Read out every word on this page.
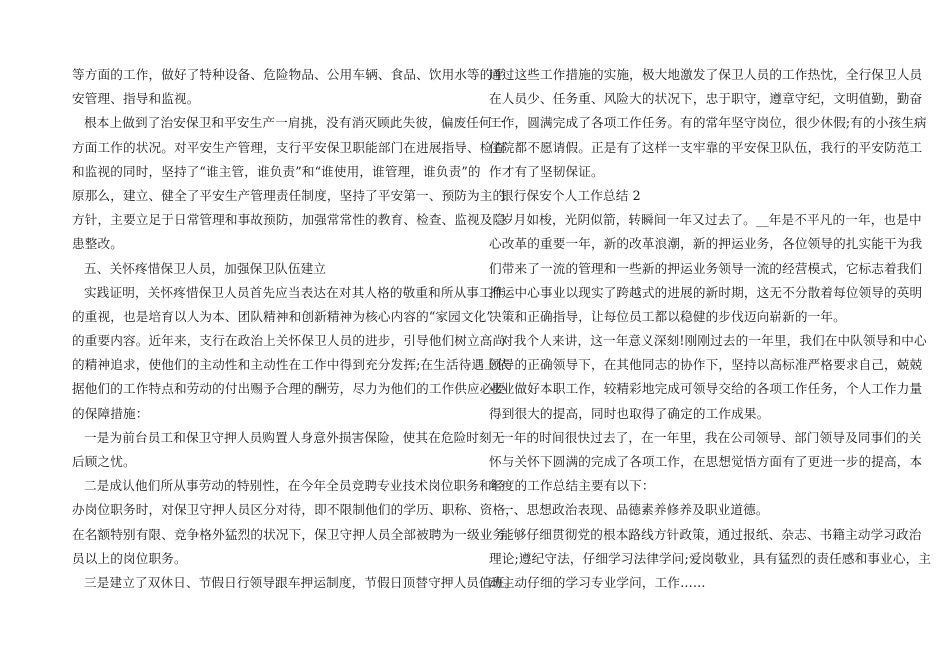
等方面的工作，做好了特种设备、危险物品、公用车辆、食品、饮用水等的平
安管理、指导和监视。
根本上做到了治安保卫和平安生产一肩挑，没有消灭顾此失彼，偏废任何一
方面工作的状况。对平安生产管理，支行平安保卫职能部门在进展指导、检查
和监视的同时，坚持了“谁主管，谁负责”和“谁使用，谁管理，谁负责”的
原那么，建立、健全了平安生产管理责任制度，坚持了平安第一、预防为主的
方针，主要立足于日常管理和事故预防，加强常常性的教育、检查、监视及隐
患整改。
五、关怀疼惜保卫人员，加强保卫队伍建立
实践证明，关怀疼惜保卫人员首先应当表达在对其人格的敬重和所从事工作
的重视，也是培育以人为本、团队精神和创新精神为核心内容的“家园文化”
的重要内容。近年来，支行在政治上关怀保卫人员的进步，引导他们树立高尚
的精神追求，使他们的主动性和主动性在工作中得到充分发挥;在生活待遇上依
据他们的工作特点和劳动的付出赐予合理的酬劳，尽力为他们的工作供应必要
的保障措施：
一是为前台员工和保卫守押人员购置人身意外损害保险，使其在危险时刻无
后顾之忧。
二是成认他们所从事劳动的特别性，在今年全员竞聘专业技术岗位职务和经
办岗位职务时，对保卫守押人员区分对待，即不限制他们的学历、职称、资格，
在名额特别有限、竞争格外猛烈的状况下，保卫守押人员全部被聘为一级业务
员以上的岗位职务。
三是建立了双休日、节假日行领导跟车押运制度，节假日顶替守押人员值班。
通过这些工作措施的实施，极大地激发了保卫人员的工作热忱，全行保卫人员
在人员少、任务重、风险大的状况下，忠于职守，遵章守纪，文明值勤，勤奋
工作，圆满完成了各项工作任务。有的常年坚守岗位，很少休假;有的小孩生病
住院都不愿请假。正是有了这样一支牢靠的平安保卫队伍，我行的平安防范工
作才有了坚韧保证。
银行保安个人工作总结 2
岁月如梭，光阴似箭，转瞬间一年又过去了。__年是不平凡的一年，也是中
心改革的重要一年，新的改革浪潮，新的押运业务，各位领导的扎实能干为我
们带来了一流的管理和一些新的押运业务领导一流的经营模式，它标志着我们
押运中心事业以现实了跨越式的进展的新时期，这无不分散着每位领导的英明
决策和正确指导，让每位员工都以稳健的步伐迈向崭新的一年。
对我个人来讲，这一年意义深刻!刚刚过去的一年里，我们在中队领导和中心
领导的正确领导下，在其他同志的协作下，坚持以高标准严格要求自己，兢兢
业业做好本职工作，较精彩地完成可领导交给的各项工作任务，个人工作力量
得到很大的提高，同时也取得了确定的工作成果。
一年的时间很快过去了，在一年里，我在公司领导、部门领导及同事们的关
怀与关怀下圆满的完成了各项工作，在思想觉悟方面有了更进一步的提高，本
年度的工作总结主要有以下：
一、思想政治表现、品德素养修养及职业道德。
能够仔细贯彻党的根本路线方针政策，通过报纸、杂志、书籍主动学习政治
理论;遵纪守法，仔细学习法律学问;爱岗敬业，具有猛烈的责任感和事业心，主
动主动仔细的学习专业学问，工作……
